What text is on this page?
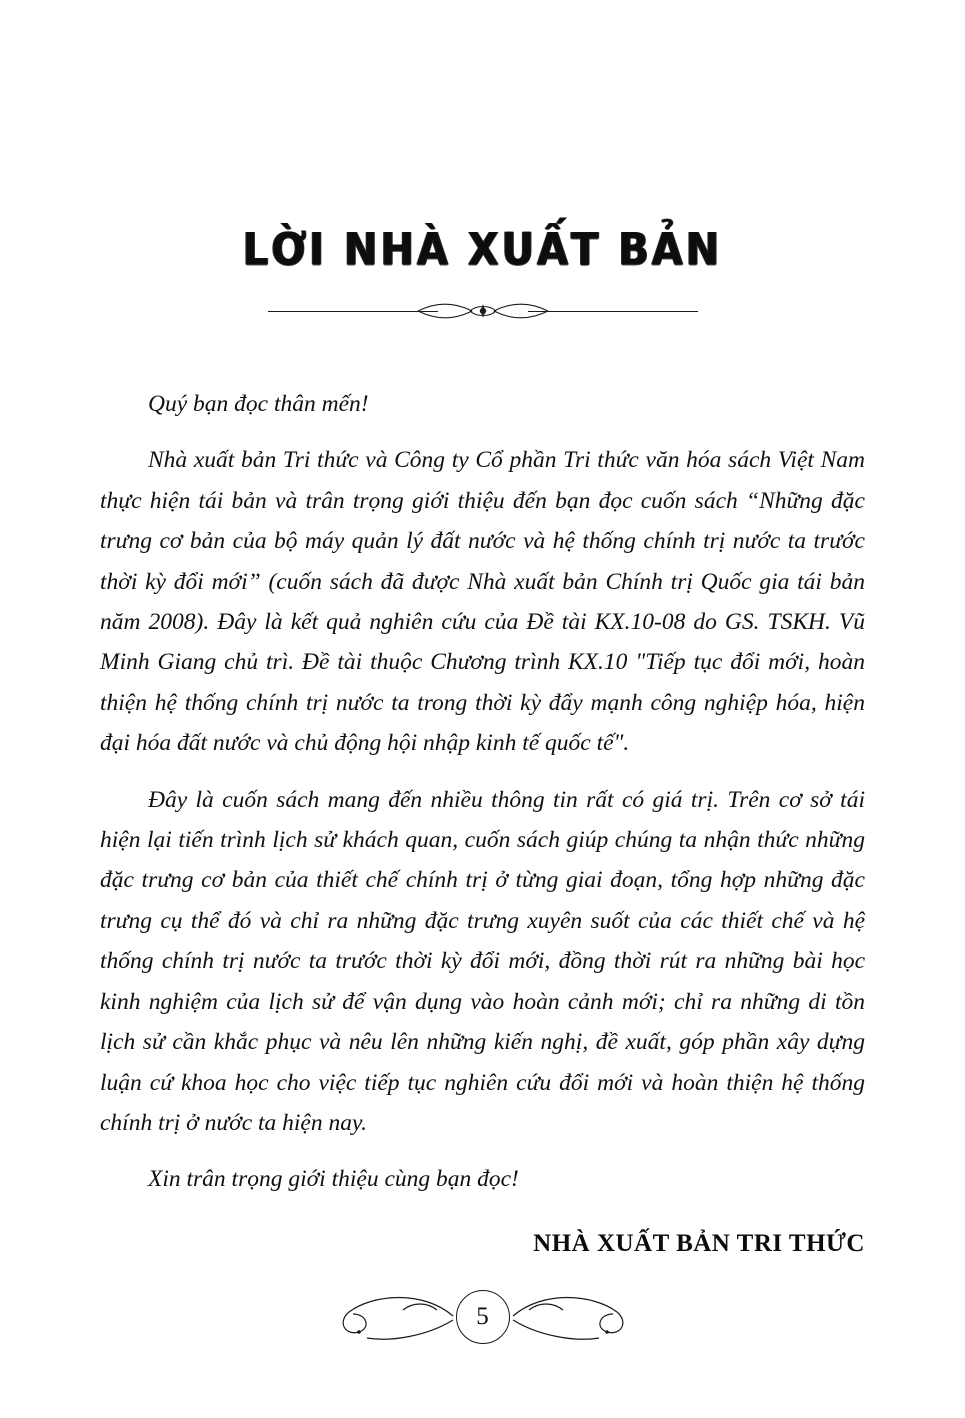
LỜI NHÀ XUẤT BẢN

Quý bạn đọc thân mến!

Nhà xuất bản Tri thức và Công ty Cổ phần Tri thức văn hóa sách Việt Nam thực hiện tái bản và trân trọng giới thiệu đến bạn đọc cuốn sách “Những đặc trưng cơ bản của bộ máy quản lý đất nước và hệ thống chính trị nước ta trước thời kỳ đổi mới” (cuốn sách đã được Nhà xuất bản Chính trị Quốc gia tái bản năm 2008). Đây là kết quả nghiên cứu của Đề tài KX.10-08 do GS. TSKH. Vũ Minh Giang chủ trì. Đề tài thuộc Chương trình KX.10 "Tiếp tục đổi mới, hoàn thiện hệ thống chính trị nước ta trong thời kỳ đẩy mạnh công nghiệp hóa, hiện đại hóa đất nước và chủ động hội nhập kinh tế quốc tế".

Đây là cuốn sách mang đến nhiều thông tin rất có giá trị. Trên cơ sở tái hiện lại tiến trình lịch sử khách quan, cuốn sách giúp chúng ta nhận thức những đặc trưng cơ bản của thiết chế chính trị ở từng giai đoạn, tổng hợp những đặc trưng cụ thể đó và chỉ ra những đặc trưng xuyên suốt của các thiết chế và hệ thống chính trị nước ta trước thời kỳ đổi mới, đồng thời rút ra những bài học kinh nghiệm của lịch sử để vận dụng vào hoàn cảnh mới; chỉ ra những di tồn lịch sử cần khắc phục và nêu lên những kiến nghị, đề xuất, góp phần xây dựng luận cứ khoa học cho việc tiếp tục nghiên cứu đổi mới và hoàn thiện hệ thống chính trị ở nước ta hiện nay.

Xin trân trọng giới thiệu cùng bạn đọc!

NHÀ XUẤT BẢN TRI THỨC
5
